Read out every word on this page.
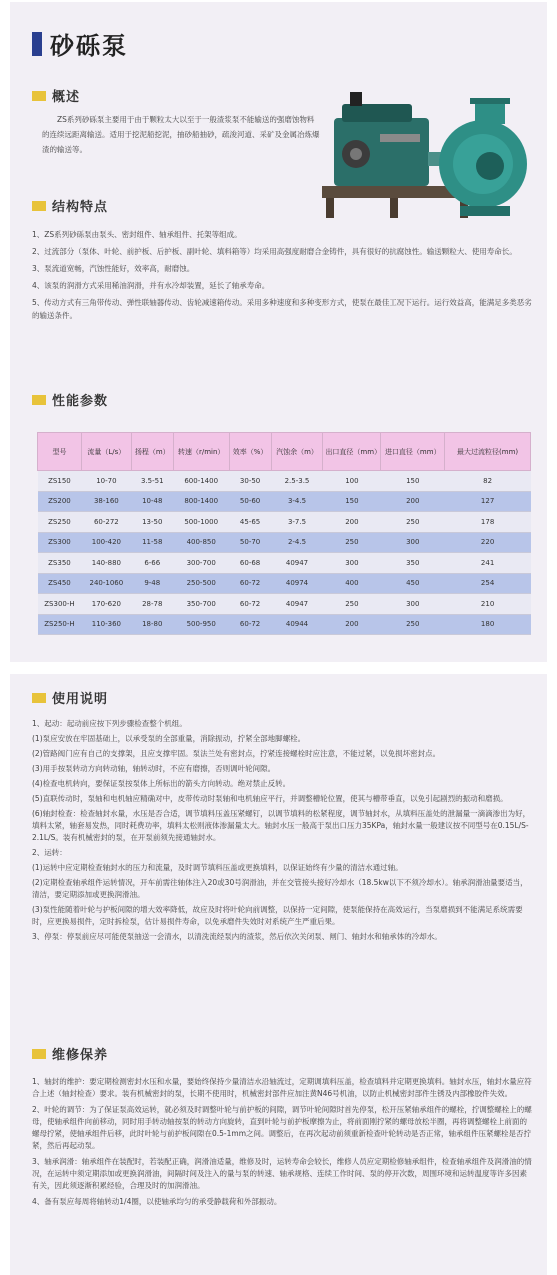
砂砾泵
概述
ZS系列砂砾泵主要用于由于颗粒太大以至于一般渣浆泵不能输送的强磨蚀物料的连续远距离输送。适用于挖泥船挖泥，抽砂船抽砂，疏浚河道、采矿及金属冶炼爆渣的输送等。
结构特点
1、ZS系列砂砾泵由泵头、密封组件、轴承组件、托架等组成。
2、过流部分（泵体、叶轮、前护板、后护板、副叶轮、填料箱等）均采用高强度耐磨合金铸件，具有很好的抗腐蚀性。输送颗粒大、使用寿命长。
3、泵流道宽畅，汽蚀性能好，效率高，耐磨蚀。
4、该泵的润滑方式采用稀油润滑，并有水冷却装置，延长了轴承寿命。
5、传动方式有三角带传动、弹性联轴器传动、齿轮减速箱传动。采用多种速度和多种变形方式，使泵在最佳工况下运行。运行效益高，能满足多类恶劣的输送条件。
性能参数
型号	流量（L/s）	扬程（m）	转速（r/min）	效率（%）	汽蚀余（m）	出口直径（mm）	进口直径（mm）	最大过流粒径(mm)
ZS150	10-70	3.5-51	600-1400	30-50	2.5-3.5	100	150	82
ZS200	38-160	10-48	800-1400	50-60	3-4.5	150	200	127
ZS250	60-272	13-50	500-1000	45-65	3-7.5	200	250	178
ZS300	100-420	11-58	400-850	50-70	2-4.5	250	300	220
ZS350	140-880	6-66	300-700	60-68	40947	300	350	241
ZS450	240-1060	9-48	250-500	60-72	40974	400	450	254
ZS300-H	170-620	28-78	350-700	60-72	40947	250	300	210
ZS250-H	110-360	18-80	500-950	60-72	40944	200	250	180
使用说明
1、起动：起动前应按下列步骤检查整个机组。
(1)泵应安放在牢固基础上，以承受泵的全部重量，消除振动，拧紧全部地脚螺栓。
(2)管路阀门应有自己的支撑架，且应支撑牢固。泵法兰处有密封点，拧紧连接螺栓时应注意，不能过紧，以免损坏密封点。
(3)用手按泵转动方向转动轴，轴转动时，不应有磨擦，否则调叶轮间隙。
(4)检查电机转向，要保证泵按泵体上所标出的箭头方向转动。绝对禁止反转。
(5)直联传动时，泵轴和电机轴应精确对中，皮带传动时泵轴和电机轴应平行，并调整槽轮位置，使其与槽带垂直，以免引起剧烈的振动和磨损。
(6)轴封检查：检查轴封水量，水压是否合适，调节填料压盖压紧螺钉，以调节填料的松紧程度，调节轴封水，从填料压盖处的泄漏量一滴滴渗出为好，填料太紧，轴套易发热，同时耗费功率，填料太松则液体渗漏量太大。轴封水压一般高于泵出口压力35KPa，轴封水量一般建议按不同型号在0.15L/S-2.1L/S。装有机械密封的泵，在开泵前须先接通轴封水。
2、运转：
(1)运转中应定期检查轴封水的压力和流量，及时调节填料压盖或更换填料，以保证始终有少量的清洁水通过轴。
(2)定期检查轴承组件运转情况，开车前需往轴体注入20或30号润滑油，并在交管接头接好冷却水（18.5kw以下不须冷却水）。轴承润滑油量要适当，清洁，要定期添加或更换润滑油。
(3)泵性能随着叶轮与护板间隙的增大效率降低，故应及时将叶轮向前调整，以保持一定间隙，使泵能保持在高效运行，当泵磨损到不能满足系统需要时，应更换易损件，定时拆检泵，估计易损件寿命，以免承磨件失效时对系统产生严重后果。
3、停泵：停泵前应尽可能使泵抽送一会清水，以清洗流经泵内的渣浆，然后依次关闭泵、闸门、轴封水和轴承体的冷却水。
维修保养
1、轴封的维护：要定期检测密封水压和水量，要始终保持少量清洁水沿轴流过，定期调填料压盖，检查填料并定期更换填料。轴封水压，轴封水量应符合上述（轴封检查）要求。装有机械密封的泵，长期不使用时，机械密封部件应加注黄N46号机油，以防止机械密封部件生锈及内部橡胶件失效。
2、叶轮的调节：为了保证泵高效运转，就必须及时调整叶轮与前护板的间隙，调节叶轮间隙时首先停泵，松开压紧轴承组件的螺栓，拧调整螺栓上的螺母，使轴承组件向前移动，同时用手转动轴按泵的转动方向旋转，直到叶轮与前护板摩擦为止，将前面刚拧紧的螺母放松半圈，再将调整螺栓上前面的螺母拧紧，使轴承组件后移，此时叶轮与前护板间隙在0.5-1mm之间。调整后，在再次起动前须重新检查叶轮转动是否正常，轴承组件压紧螺栓是否拧紧，然后再起动泵。
3、轴承润滑：轴承组件在装配时，若装配正确，润滑油适量，维修及时，运转寿命会较长，维修人员应定期检修轴承组件，检查轴承组件及润滑油的情况，在运转中须定期添加或更换润滑油，间隔时间及注入的量与泵的转速、轴承规格、连续工作时间、泵的停开次数，周围环境和运转温度等许多因素有关，因此须逐渐积累经验，合理及时的加润滑油。
4、备有泵应每周将轴转动1/4圈，以使轴承均匀的承受静载荷和外部振动。
